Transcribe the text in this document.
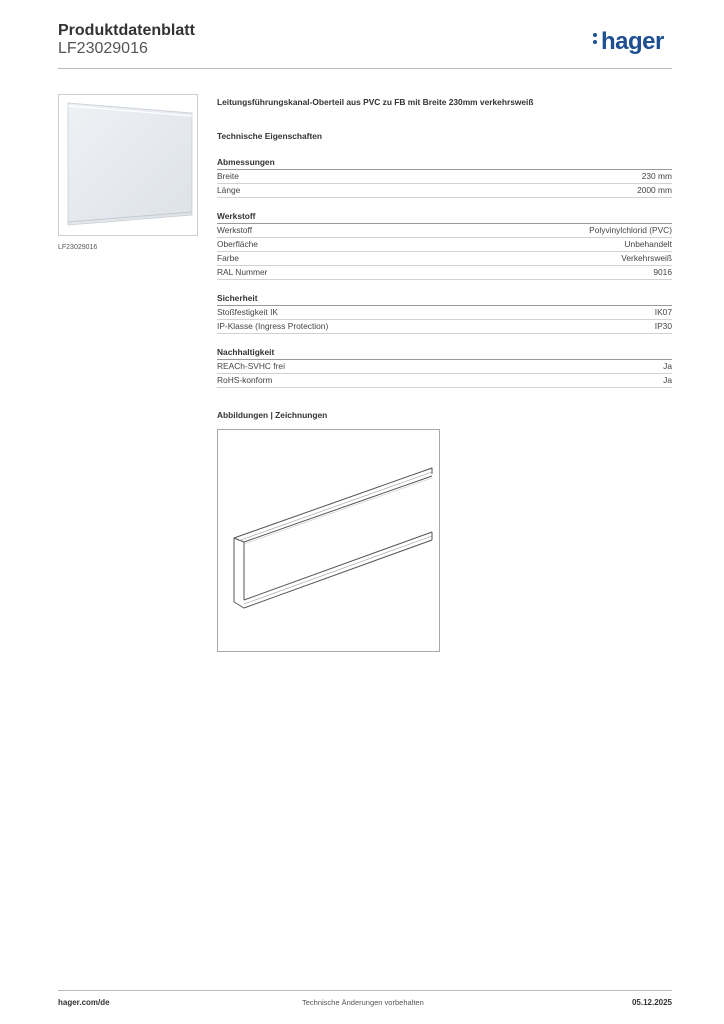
Produktdatenblatt
LF23029016	hager
LF23029016
Leitungsführungskanal-Oberteil aus PVC zu FB mit Breite 230mm verkehrsweiß
Technische Eigenschaften
Abmessungen
Breite	230 mm
Länge	2000 mm
Werkstoff
Werkstoff	Polyvinylchlorid (PVC)
Oberfläche	Unbehandelt
Farbe	Verkehrsweiß
RAL Nummer	9016
Sicherheit
Stoßfestigkeit IK	IK07
IP-Klasse (Ingress Protection)	IP30
Nachhaltigkeit
REACh-SVHC frei	Ja
RoHS-konform	Ja
Abbildungen | Zeichnungen
hager.com/de	Technische Änderungen vorbehalten	05.12.2025
